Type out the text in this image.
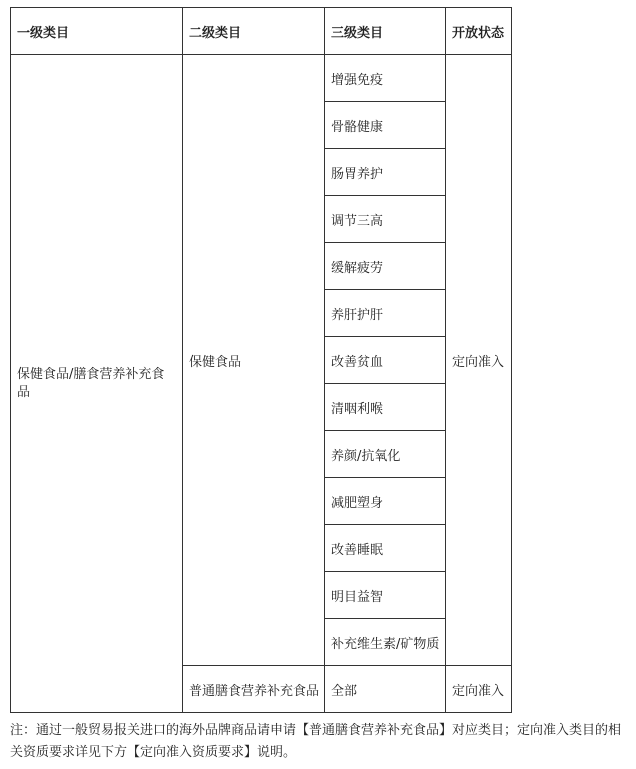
一级类目	二级类目	三级类目	开放状态
保健食品/膳食营养补充食品	保健食品	增强免疫	定向准入
		骨骼健康	
		肠胃养护	
		调节三高	
		缓解疲劳	
		养肝护肝	
		改善贫血	
		清咽利喉	
		养颜/抗氧化	
		减肥塑身	
		改善睡眠	
		明目益智	
		补充维生素/矿物质	
	普通膳食营养补充食品	全部	定向准入
注：通过一般贸易报关进口的海外品牌商品请申请【普通膳食营养补充食品】对应类目；定向准入类目的相关资质要求详见下方【定向准入资质要求】说明。
